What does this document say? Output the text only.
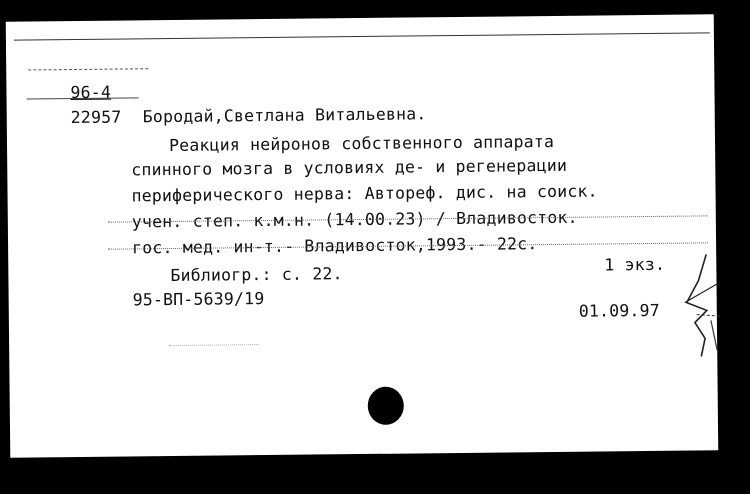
96-4
22957 Бородай,Светлана Витальевна.
Реакция нейронов собственного аппарата
спинного мозга в условиях де- и регенерации
периферического нерва: Автореф. дис. на соиск.
учен. степ. к.м.н. (14.00.23) / Владивосток.
гос. мед. ин-т.- Владивосток,1993.- 22с.
Библиогр.: с. 22.	1 экз.
95-ВП-5639/19
01.09.97
